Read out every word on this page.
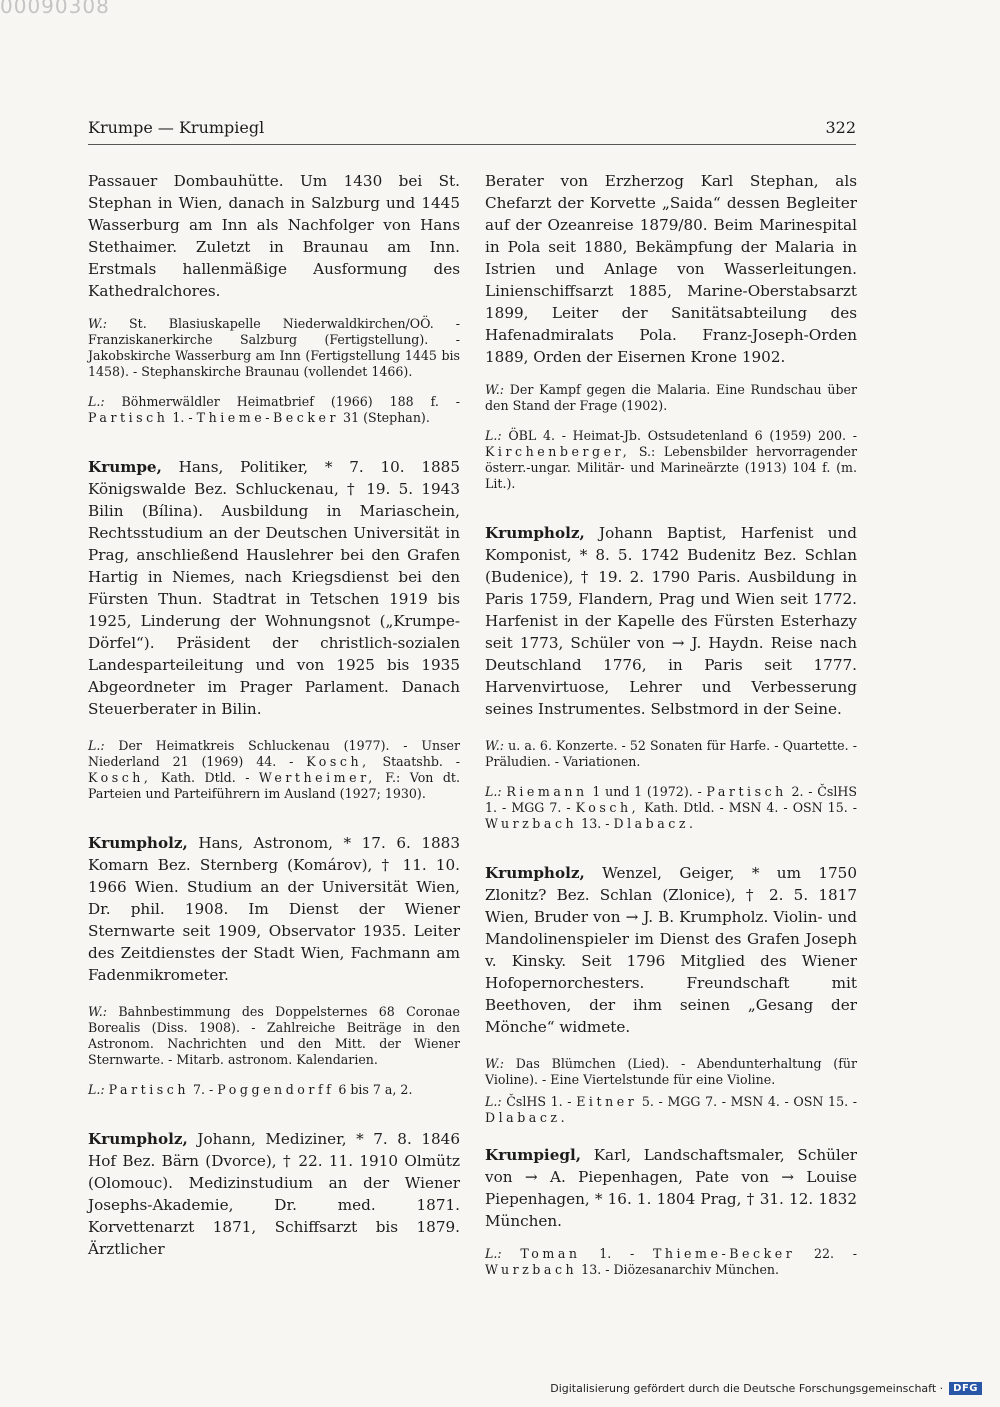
00090308
Krumpe — Krumpiegl	322

Passauer Dombauhütte. Um 1430 bei St. Stephan in Wien, danach in Salzburg und 1445 Wasserburg am Inn als Nachfolger von Hans Stethaimer. Zuletzt in Braunau am Inn. Erstmals hallenmäßige Ausformung des Kathedralchores.

W.: St. Blasiuskapelle Niederwaldkirchen/OÖ. - Franziskanerkirche Salzburg (Fertigstellung). - Jakobskirche Wasserburg am Inn (Fertigstellung 1445 bis 1458). - Stephanskirche Braunau (vollendet 1466).

L.: Böhmerwäldler Heimatbrief (1966) 188 f. - Partisch 1. - Thieme-Becker 31 (Stephan).

Krumpe, Hans, Politiker, * 7. 10. 1885 Königswalde Bez. Schluckenau, † 19. 5. 1943 Bilin (Bílina). Ausbildung in Mariaschein, Rechtsstudium an der Deutschen Universität in Prag, anschließend Hauslehrer bei den Grafen Hartig in Niemes, nach Kriegsdienst bei den Fürsten Thun. Stadtrat in Tetschen 1919 bis 1925, Linderung der Wohnungsnot („Krumpe-Dörfel“). Präsident der christlich-sozialen Landesparteileitung und von 1925 bis 1935 Abgeordneter im Prager Parlament. Danach Steuerberater in Bilin.

L.: Der Heimatkreis Schluckenau (1977). - Unser Niederland 21 (1969) 44. - Kosch, Staatshb. - Kosch, Kath. Dtld. - Wertheimer, F.: Von dt. Parteien und Parteiführern im Ausland (1927; 1930).

Krumpholz, Hans, Astronom, * 17. 6. 1883 Komarn Bez. Sternberg (Komárov), † 11. 10. 1966 Wien. Studium an der Universität Wien, Dr. phil. 1908. Im Dienst der Wiener Sternwarte seit 1909, Observator 1935. Leiter des Zeitdienstes der Stadt Wien, Fachmann am Fadenmikrometer.

W.: Bahnbestimmung des Doppelsternes 68 Coronae Borealis (Diss. 1908). - Zahlreiche Beiträge in den Astronom. Nachrichten und den Mitt. der Wiener Sternwarte. - Mitarb. astronom. Kalendarien.

L.: Partisch 7. - Poggendorff 6 bis 7 a, 2.

Krumpholz, Johann, Mediziner, * 7. 8. 1846 Hof Bez. Bärn (Dvorce), † 22. 11. 1910 Olmütz (Olomouc). Medizinstudium an der Wiener Josephs-Akademie, Dr. med. 1871. Korvettenarzt 1871, Schiffsarzt bis 1879. Ärztlicher

Berater von Erzherzog Karl Stephan, als Chefarzt der Korvette „Saida“ dessen Begleiter auf der Ozeanreise 1879/80. Beim Marinespital in Pola seit 1880, Bekämpfung der Malaria in Istrien und Anlage von Wasserleitungen. Linienschiffsarzt 1885, Marine-Oberstabsarzt 1899, Leiter der Sanitätsabteilung des Hafenadmiralats Pola. Franz-Joseph-Orden 1889, Orden der Eisernen Krone 1902.

W.: Der Kampf gegen die Malaria. Eine Rundschau über den Stand der Frage (1902).

L.: ÖBL 4. - Heimat-Jb. Ostsudetenland 6 (1959) 200. - Kirchenberger, S.: Lebensbilder hervorragender österr.-ungar. Militär- und Marineärzte (1913) 104 f. (m. Lit.).

Krumpholz, Johann Baptist, Harfenist und Komponist, * 8. 5. 1742 Budenitz Bez. Schlan (Budenice), † 19. 2. 1790 Paris. Ausbildung in Paris 1759, Flandern, Prag und Wien seit 1772. Harfenist in der Kapelle des Fürsten Esterhazy seit 1773, Schüler von → J. Haydn. Reise nach Deutschland 1776, in Paris seit 1777. Harvenvirtuose, Lehrer und Verbesserung seines Instrumentes. Selbstmord in der Seine.

W.: u. a. 6. Konzerte. - 52 Sonaten für Harfe. - Quartette. - Präludien. - Variationen.

L.: Riemann 1 und 1 (1972). - Partisch 2. - ČslHS 1. - MGG 7. - Kosch, Kath. Dtld. - MSN 4. - OSN 15. - Wurzbach 13. - Dlabacz.

Krumpholz, Wenzel, Geiger, * um 1750 Zlonitz? Bez. Schlan (Zlonice), † 2. 5. 1817 Wien, Bruder von → J. B. Krumpholz. Violin- und Mandolinenspieler im Dienst des Grafen Joseph v. Kinsky. Seit 1796 Mitglied des Wiener Hofopernorchesters. Freundschaft mit Beethoven, der ihm seinen „Gesang der Mönche“ widmete.

W.: Das Blümchen (Lied). - Abendunterhaltung (für Violine). - Eine Viertelstunde für eine Violine.

L.: ČslHS 1. - Eitner 5. - MGG 7. - MSN 4. - OSN 15. - Dlabacz.

Krumpiegl, Karl, Landschaftsmaler, Schüler von → A. Piepenhagen, Pate von → Louise Piepenhagen, * 16. 1. 1804 Prag, † 31. 12. 1832 München.

L.: Toman 1. - Thieme-Becker 22. - Wurzbach 13. - Diözesanarchiv München.

Digitalisierung gefördert durch die Deutsche Forschungsgemeinschaft ·	DFG
